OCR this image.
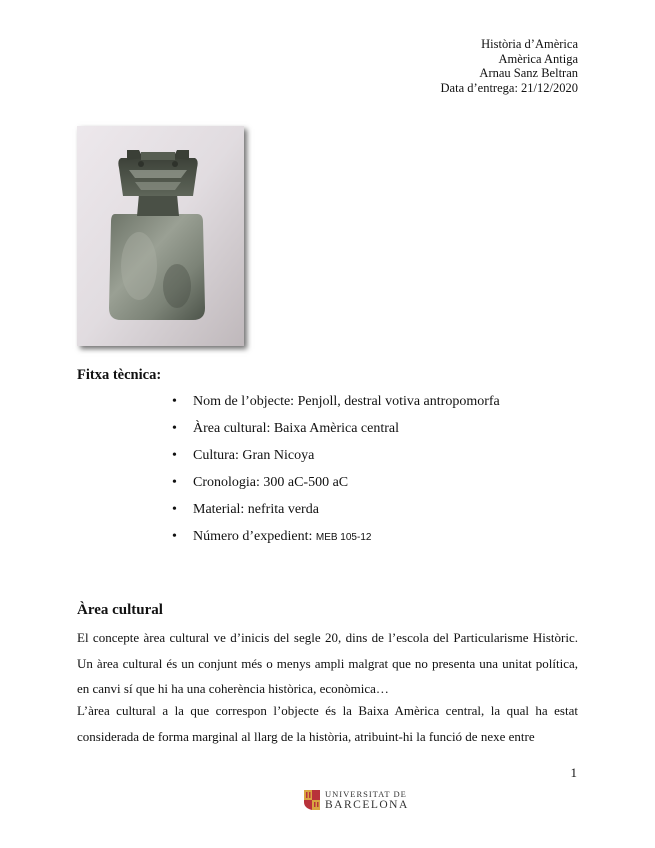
Història d’Amèrica
Amèrica Antiga
Arnau Sanz Beltran
Data d’entrega: 21/12/2020
Fitxa tècnica:
• Nom de l’objecte: Penjoll, destral votiva antropomorfa
• Àrea cultural: Baixa Amèrica central
• Cultura: Gran Nicoya
• Cronologia: 300 aC-500 aC
• Material: nefrita verda
• Número d’expedient: MEB 105-12
Àrea cultural
El concepte àrea cultural ve d’inicis del segle 20, dins de l’escola del Particularisme Històric. Un àrea cultural és un conjunt més o menys ampli malgrat que no presenta una unitat política, en canvi sí que hi ha una coherència històrica, econòmica…
L’àrea cultural a la que correspon l’objecte és la Baixa Amèrica central, la qual ha estat considerada de forma marginal al llarg de la història, atribuint-hi la funció de nexe entre
1
UNIVERSITAT DE
BARCELONA
